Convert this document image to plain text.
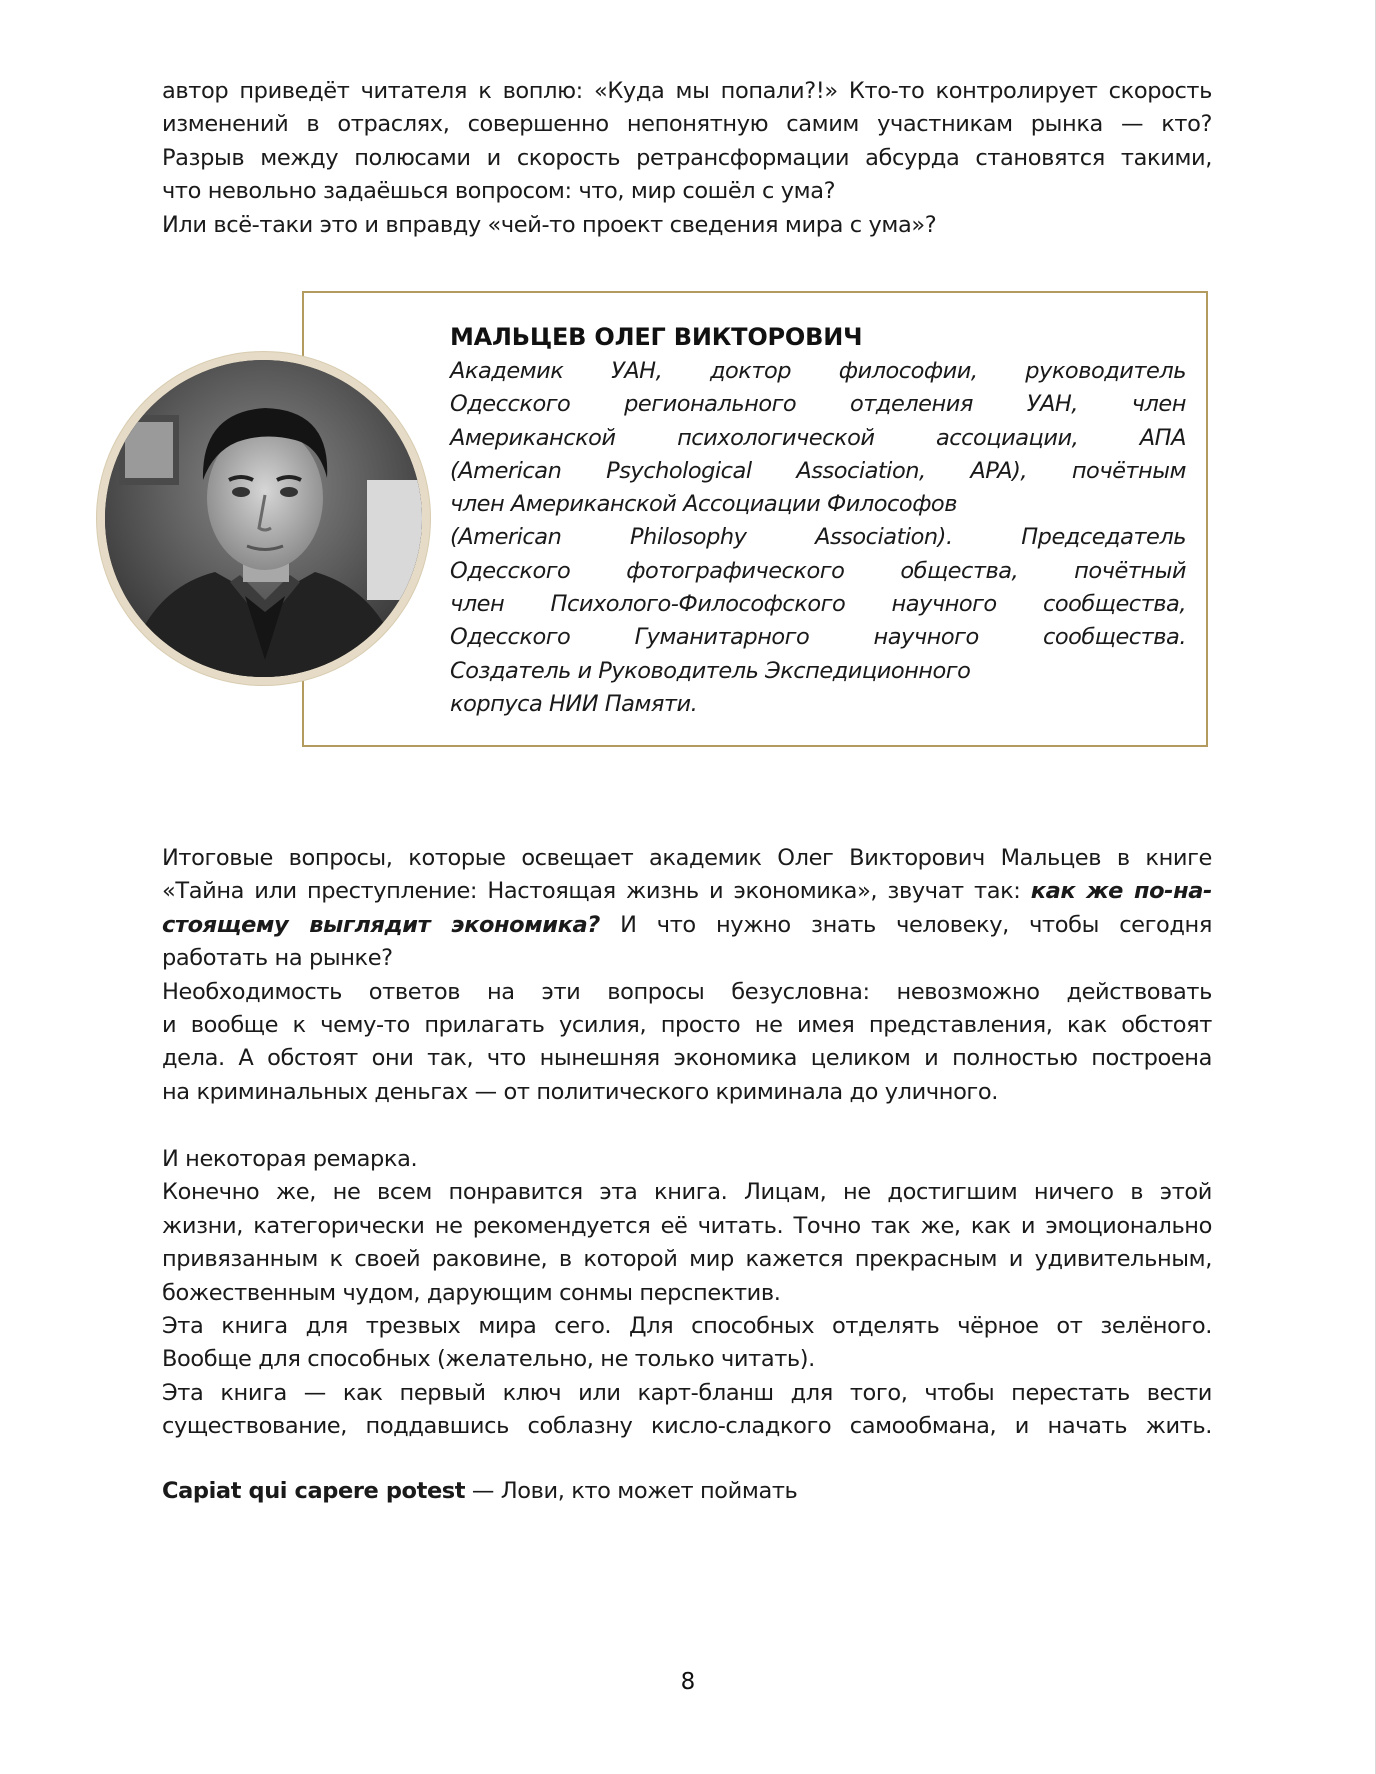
автор приведёт читателя к воплю: «Куда мы попали?!» Кто-то контролирует скорость
изменений в отраслях, совершенно непонятную самим участникам рынка — кто?
Разрыв между полюсами и скорость ретрансформации абсурда становятся такими,
что невольно задаёшься вопросом: что, мир сошёл с ума?
Или всё-таки это и вправду «чей-то проект сведения мира с ума»?
МАЛЬЦЕВ ОЛЕГ ВИКТОРОВИЧ
Академик УАН, доктор философии, руководитель
Одесского регионального отделения УАН, член
Американской психологической ассоциации, АПА
(American Psychological Association, APA), почётным
член Американской Ассоциации Философов
(American Philosophy Association). Председатель
Одесского фотографического общества, почётный
член Психолого-Философского научного сообщества,
Одесского Гуманитарного научного сообщества.
Создатель и Руководитель Экспедиционного
корпуса НИИ Памяти.
Итоговые вопросы, которые освещает академик Олег Викторович Мальцев в книге
«Тайна или преступление: Настоящая жизнь и экономика», звучат так: как же по-на-
стоящему выглядит экономика? И что нужно знать человеку, чтобы сегодня
работать на рынке?
Необходимость ответов на эти вопросы безусловна: невозможно действовать
и вообще к чему-то прилагать усилия, просто не имея представления, как обстоят
дела. А обстоят они так, что нынешняя экономика целиком и полностью построена
на криминальных деньгах — от политического криминала до уличного.
И некоторая ремарка.
Конечно же, не всем понравится эта книга. Лицам, не достигшим ничего в этой
жизни, категорически не рекомендуется её читать. Точно так же, как и эмоционально
привязанным к своей раковине, в которой мир кажется прекрасным и удивительным,
божественным чудом, дарующим сонмы перспектив.
Эта книга для трезвых мира сего. Для способных отделять чёрное от зелёного.
Вообще для способных (желательно, не только читать).
Эта книга — как первый ключ или карт-бланш для того, чтобы перестать вести
существование, поддавшись соблазну кисло-сладкого самообмана, и начать жить.
Capiat qui capere potest — Лови, кто может поймать
8
